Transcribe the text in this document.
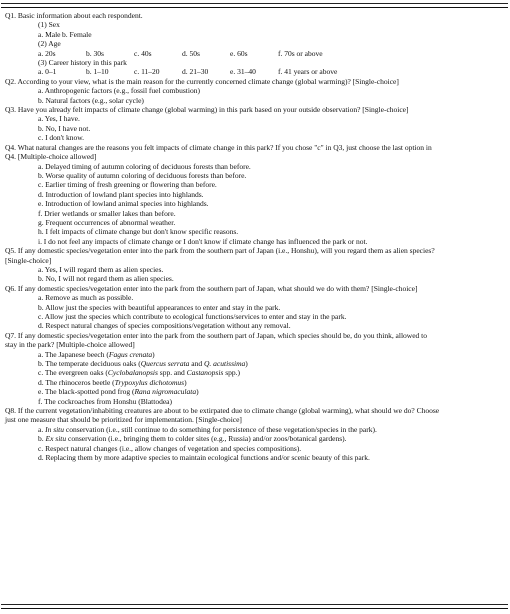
Q1. Basic information about each respondent.
(1) Sex
a. Male b. Female
(2) Age
a. 20s	b. 30s	c. 40s	d. 50s	e. 60s	f. 70s or above
(3) Career history in this park
a. 0–1	b. 1–10	c. 11–20	d. 21–30	e. 31–40	f. 41 years or above
Q2. According to your view, what is the main reason for the currently concerned climate change (global warming)? [Single-choice]
a. Anthropogenic factors (e.g., fossil fuel combustion)
b. Natural factors (e.g., solar cycle)
Q3. Have you already felt impacts of climate change (global warming) in this park based on your outside observation? [Single-choice]
a. Yes, I have.
b. No, I have not.
c. I don't know.
Q4. What natural changes are the reasons you felt impacts of climate change in this park? If you chose "c" in Q3, just choose the last option in
Q4. [Multiple-choice allowed]
a. Delayed timing of autumn coloring of deciduous forests than before.
b. Worse quality of autumn coloring of deciduous forests than before.
c. Earlier timing of fresh greening or flowering than before.
d. Introduction of lowland plant species into highlands.
e. Introduction of lowland animal species into highlands.
f. Drier wetlands or smaller lakes than before.
g. Frequent occurrences of abnormal weather.
h. I felt impacts of climate change but don't know specific reasons.
i. I do not feel any impacts of climate change or I don't know if climate change has influenced the park or not.
Q5. If any domestic species/vegetation enter into the park from the southern part of Japan (i.e., Honshu), will you regard them as alien species?
[Single-choice]
a. Yes, I will regard them as alien species.
b. No, I will not regard them as alien species.
Q6. If any domestic species/vegetation enter into the park from the southern part of Japan, what should we do with them? [Single-choice]
a. Remove as much as possible.
b. Allow just the species with beautiful appearances to enter and stay in the park.
c. Allow just the species which contribute to ecological functions/services to enter and stay in the park.
d. Respect natural changes of species compositions/vegetation without any removal.
Q7. If any domestic species/vegetation enter into the park from the southern part of Japan, which species should be, do you think, allowed to
stay in the park? [Multiple-choice allowed]
a. The Japanese beech (Fagus crenata)
b. The temperate deciduous oaks (Quercus serrata and Q. acutissima)
c. The evergreen oaks (Cyclobalanopsis spp. and Castanopsis spp.)
d. The rhinoceros beetle (Trypoxylus dichotomus)
e. The black-spotted pond frog (Rana nigromaculata)
f. The cockroaches from Honshu (Blattodea)
Q8. If the current vegetation/inhabiting creatures are about to be extirpated due to climate change (global warming), what should we do? Choose
just one measure that should be prioritized for implementation. [Single-choice]
a. In situ conservation (i.e., still continue to do something for persistence of these vegetation/species in the park).
b. Ex situ conservation (i.e., bringing them to colder sites (e.g., Russia) and/or zoos/botanical gardens).
c. Respect natural changes (i.e., allow changes of vegetation and species compositions).
d. Replacing them by more adaptive species to maintain ecological functions and/or scenic beauty of this park.
